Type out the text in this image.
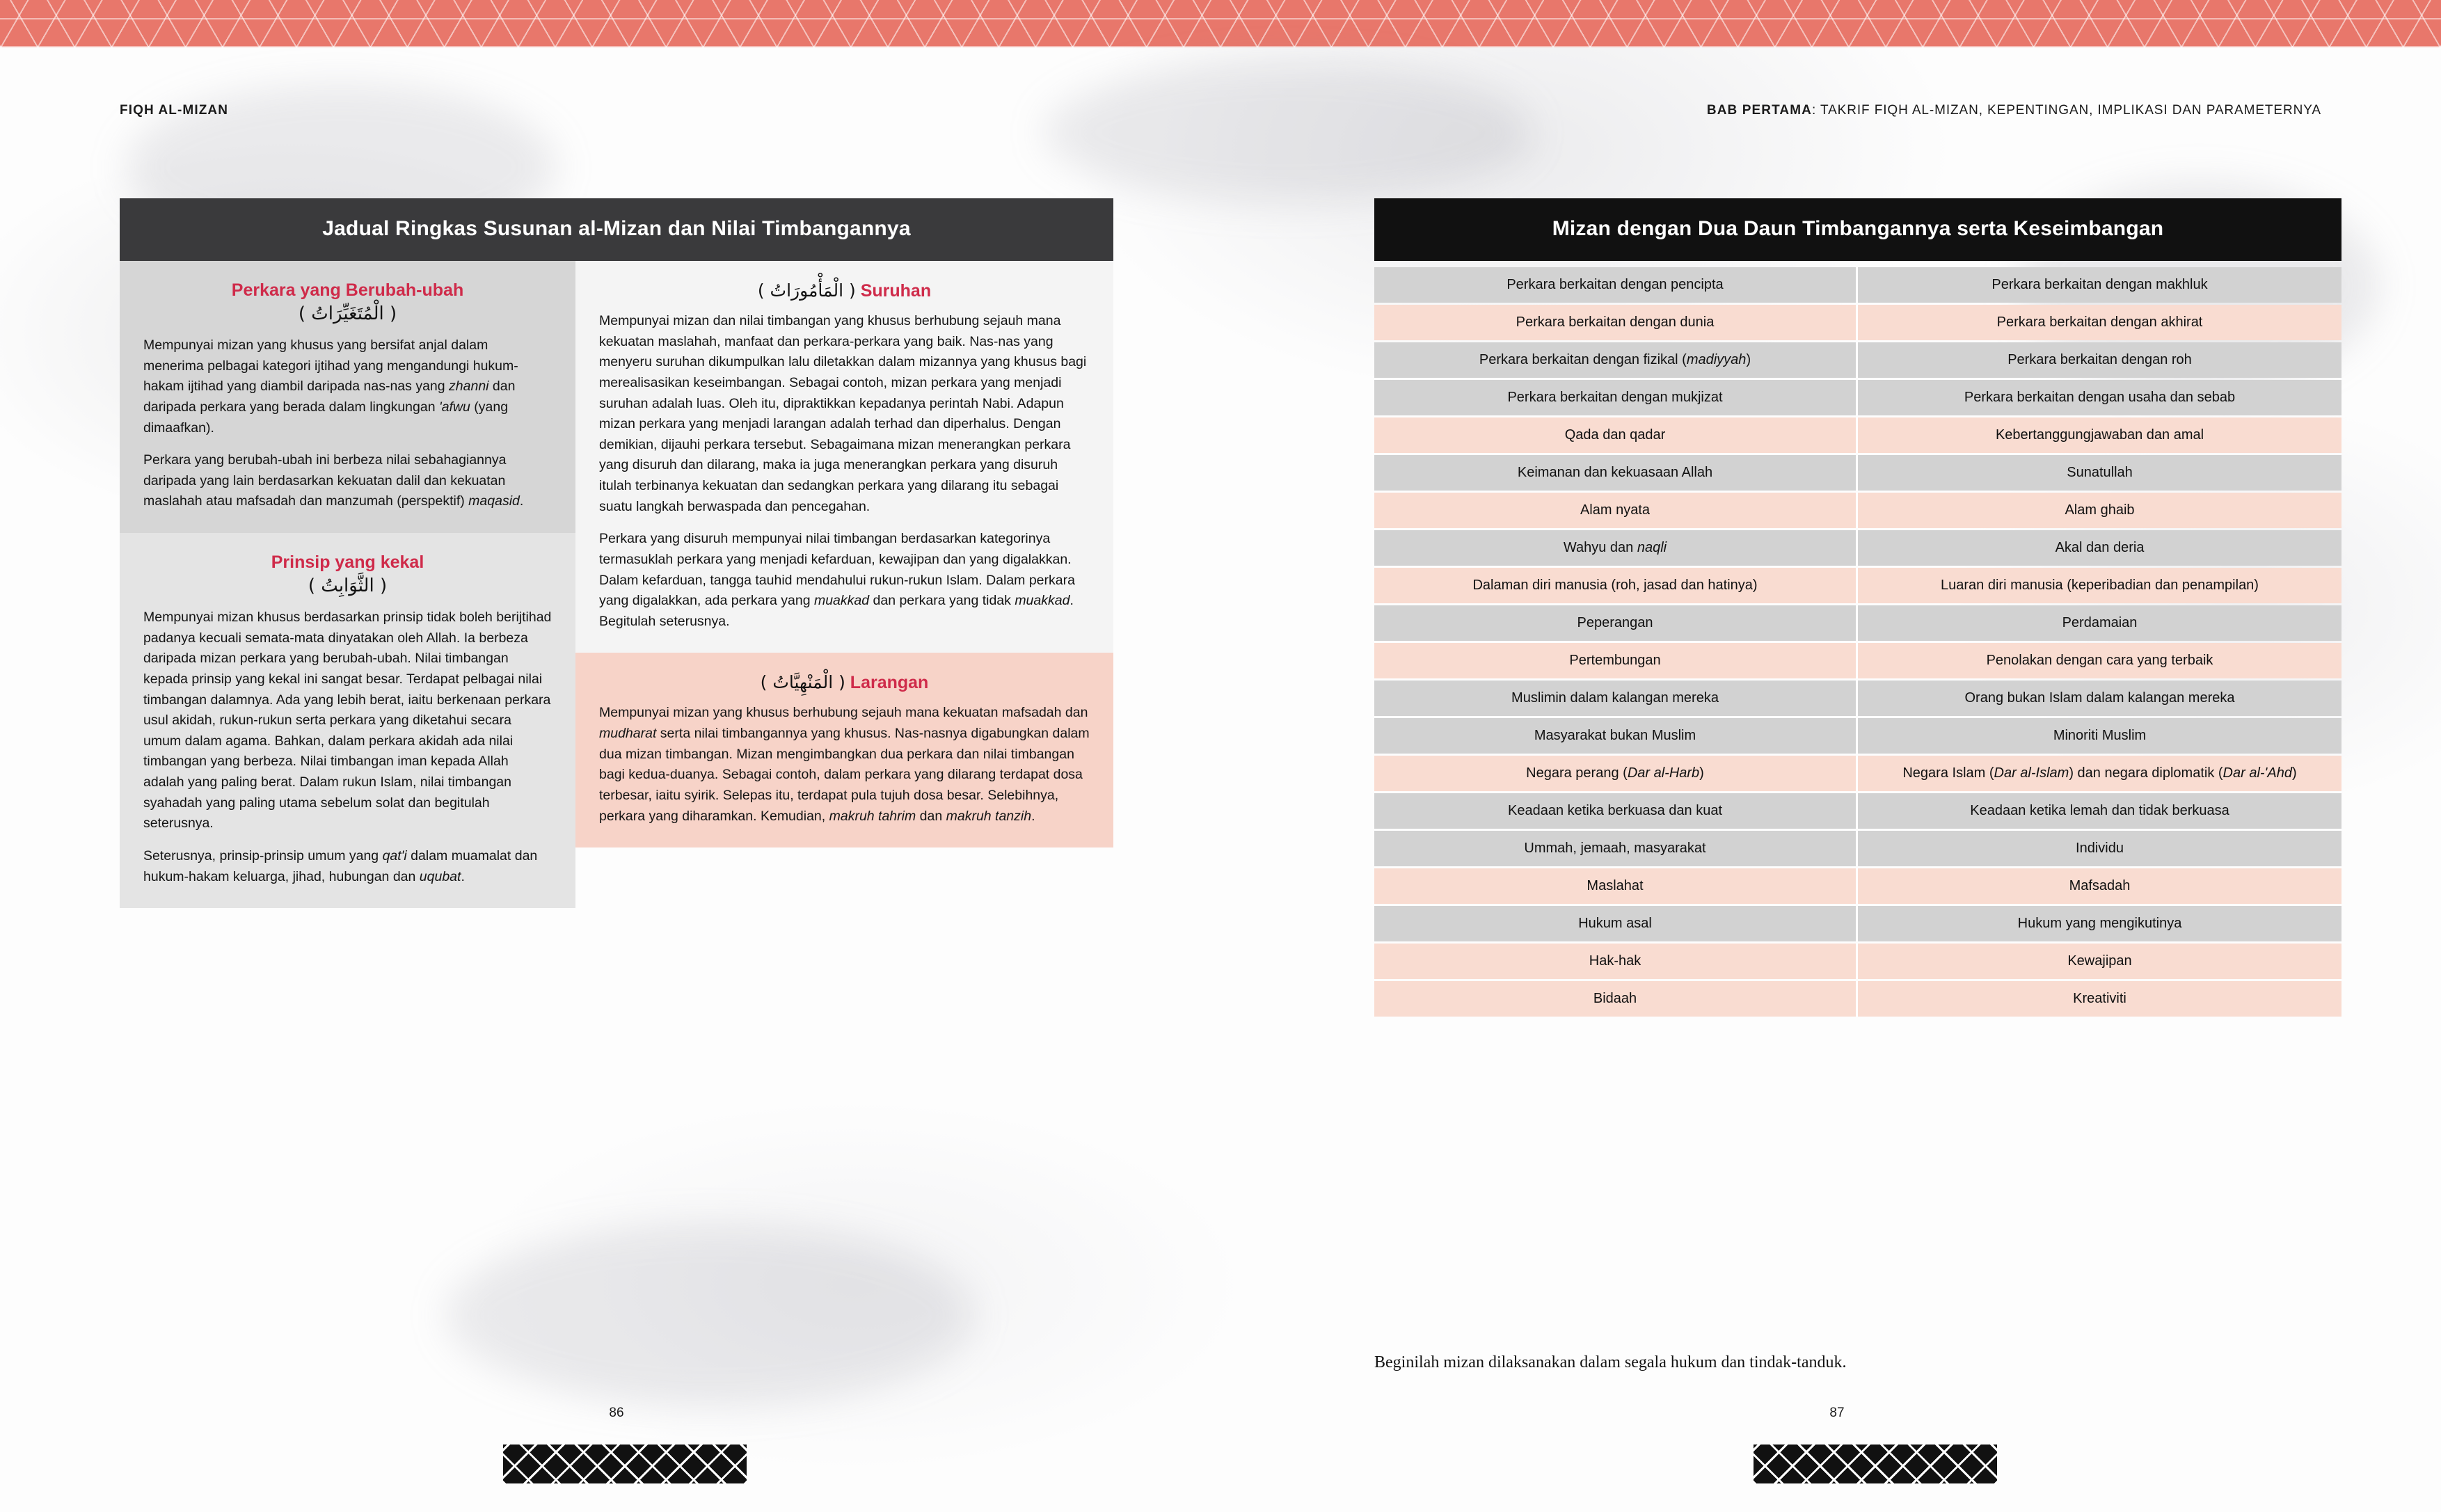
FIQH AL-MIZAN	BAB PERTAMA: TAKRIF FIQH AL-MIZAN, KEPENTINGAN, IMPLIKASI DAN PARAMETERNYA
Jadual Ringkas Susunan al-Mizan dan Nilai Timbangannya
Perkara yang Berubah-ubah
( الْمُتَغَيِّرَاتُ )

Mempunyai mizan yang khusus yang bersifat anjal dalam menerima pelbagai kategori ijtihad yang mengandungi hukum-hakam ijtihad yang diambil daripada nas-nas yang zhanni dan daripada perkara yang berada dalam lingkungan 'afwu (yang dimaafkan).

Perkara yang berubah-ubah ini berbeza nilai sebahagiannya daripada yang lain berdasarkan kekuatan dalil dan kekuatan maslahah atau mafsadah dan manzumah (perspektif) maqasid.

Prinsip yang kekal
( الثَّوَابِتُ )

Mempunyai mizan khusus berdasarkan prinsip tidak boleh berijtihad padanya kecuali semata-mata dinyatakan oleh Allah. Ia berbeza daripada mizan perkara yang berubah-ubah. Nilai timbangan kepada prinsip yang kekal ini sangat besar. Terdapat pelbagai nilai timbangan dalamnya. Ada yang lebih berat, iaitu berkenaan perkara usul akidah, rukun-rukun serta perkara yang diketahui secara umum dalam agama. Bahkan, dalam perkara akidah ada nilai timbangan yang berbeza. Nilai timbangan iman kepada Allah adalah yang paling berat. Dalam rukun Islam, nilai timbangan syahadah yang paling utama sebelum solat dan begitulah seterusnya.

Seterusnya, prinsip-prinsip umum yang qat'i dalam muamalat dan hukum-hakam keluarga, jihad, hubungan dan uqubat.

( الْمَأْمُورَاتُ ) Suruhan

Mempunyai mizan dan nilai timbangan yang khusus berhubung sejauh mana kekuatan maslahah, manfaat dan perkara-perkara yang baik. Nas-nas yang menyeru suruhan dikumpulkan lalu diletakkan dalam mizannya yang khusus bagi merealisasikan keseimbangan. Sebagai contoh, mizan perkara yang menjadi suruhan adalah luas. Oleh itu, dipraktikkan kepadanya perintah Nabi. Adapun mizan perkara yang menjadi larangan adalah terhad dan diperhalus. Dengan demikian, dijauhi perkara tersebut. Sebagaimana mizan menerangkan perkara yang disuruh dan dilarang, maka ia juga menerangkan perkara yang disuruh itulah terbinanya kekuatan dan sedangkan perkara yang dilarang itu sebagai suatu langkah berwaspada dan pencegahan.

Perkara yang disuruh mempunyai nilai timbangan berdasarkan kategorinya termasuklah perkara yang menjadi kefarduan, kewajipan dan yang digalakkan. Dalam kefarduan, tangga tauhid mendahului rukun-rukun Islam. Dalam perkara yang digalakkan, ada perkara yang muakkad dan perkara yang tidak muakkad. Begitulah seterusnya.

( الْمَنْهِيَّاتُ ) Larangan

Mempunyai mizan yang khusus berhubung sejauh mana kekuatan mafsadah dan mudharat serta nilai timbangannya yang khusus. Nas-nasnya digabungkan dalam dua mizan timbangan. Mizan mengimbangkan dua perkara dan nilai timbangan bagi kedua-duanya. Sebagai contoh, dalam perkara yang dilarang terdapat dosa terbesar, iaitu syirik. Selepas itu, terdapat pula tujuh dosa besar. Selebihnya, perkara yang diharamkan. Kemudian, makruh tahrim dan makruh tanzih.

Mizan dengan Dua Daun Timbangannya serta Keseimbangan
Perkara berkaitan dengan pencipta	Perkara berkaitan dengan makhluk
Perkara berkaitan dengan dunia	Perkara berkaitan dengan akhirat
Perkara berkaitan dengan fizikal (madiyyah)	Perkara berkaitan dengan roh
Perkara berkaitan dengan mukjizat	Perkara berkaitan dengan usaha dan sebab
Qada dan qadar	Kebertanggungjawaban dan amal
Keimanan dan kekuasaan Allah	Sunatullah
Alam nyata	Alam ghaib
Wahyu dan naqli	Akal dan deria
Dalaman diri manusia (roh, jasad dan hatinya)	Luaran diri manusia (keperibadian dan penampilan)
Peperangan	Perdamaian
Pertembungan	Penolakan dengan cara yang terbaik
Muslimin dalam kalangan mereka	Orang bukan Islam dalam kalangan mereka
Masyarakat bukan Muslim	Minoriti Muslim
Negara perang (Dar al-Harb)	Negara Islam (Dar al-Islam) dan negara diplomatik (Dar al-'Ahd)
Keadaan ketika berkuasa dan kuat	Keadaan ketika lemah dan tidak berkuasa
Ummah, jemaah, masyarakat	Individu
Maslahat	Mafsadah
Hukum asal	Hukum yang mengikutinya
Hak-hak	Kewajipan
Bidaah	Kreativiti
Beginilah mizan dilaksanakan dalam segala hukum dan tindak-tanduk.
86	87
